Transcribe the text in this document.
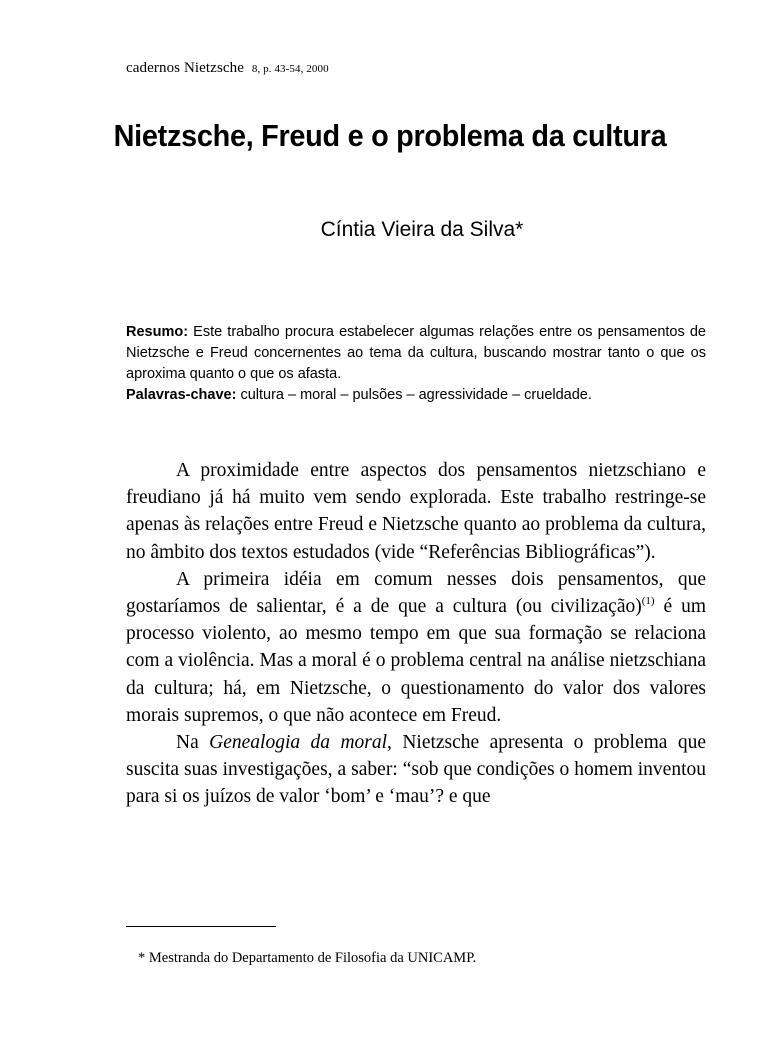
cadernos Nietzsche 8, p. 43-54, 2000
Nietzsche, Freud e o problema da cultura
Cíntia Vieira da Silva*

Resumo: Este trabalho procura estabelecer algumas relações entre os pensamentos de Nietzsche e Freud concernentes ao tema da cultura, buscando mostrar tanto o que os aproxima quanto o que os afasta.

Palavras-chave: cultura – moral – pulsões – agressividade – crueldade.

A proximidade entre aspectos dos pensamentos nietzschiano e freudiano já há muito vem sendo explorada. Este trabalho restringe-se apenas às relações entre Freud e Nietzsche quanto ao problema da cultura, no âmbito dos textos estudados (vide “Referências Bibliográficas”).

A primeira idéia em comum nesses dois pensamentos, que gostaríamos de salientar, é a de que a cultura (ou civilização)$^{(1)}$ é um processo violento, ao mesmo tempo em que sua formação se relaciona com a violência. Mas a moral é o problema central na análise nietzschiana da cultura; há, em Nietzsche, o questionamento do valor dos valores morais supremos, o que não acontece em Freud.

Na Genealogia da moral, Nietzsche apresenta o problema que suscita suas investigações, a saber: “sob que condições o homem inventou para si os juízos de valor ‘bom’ e ‘mau’? e que

* Mestranda do Departamento de Filosofia da UNICAMP.
